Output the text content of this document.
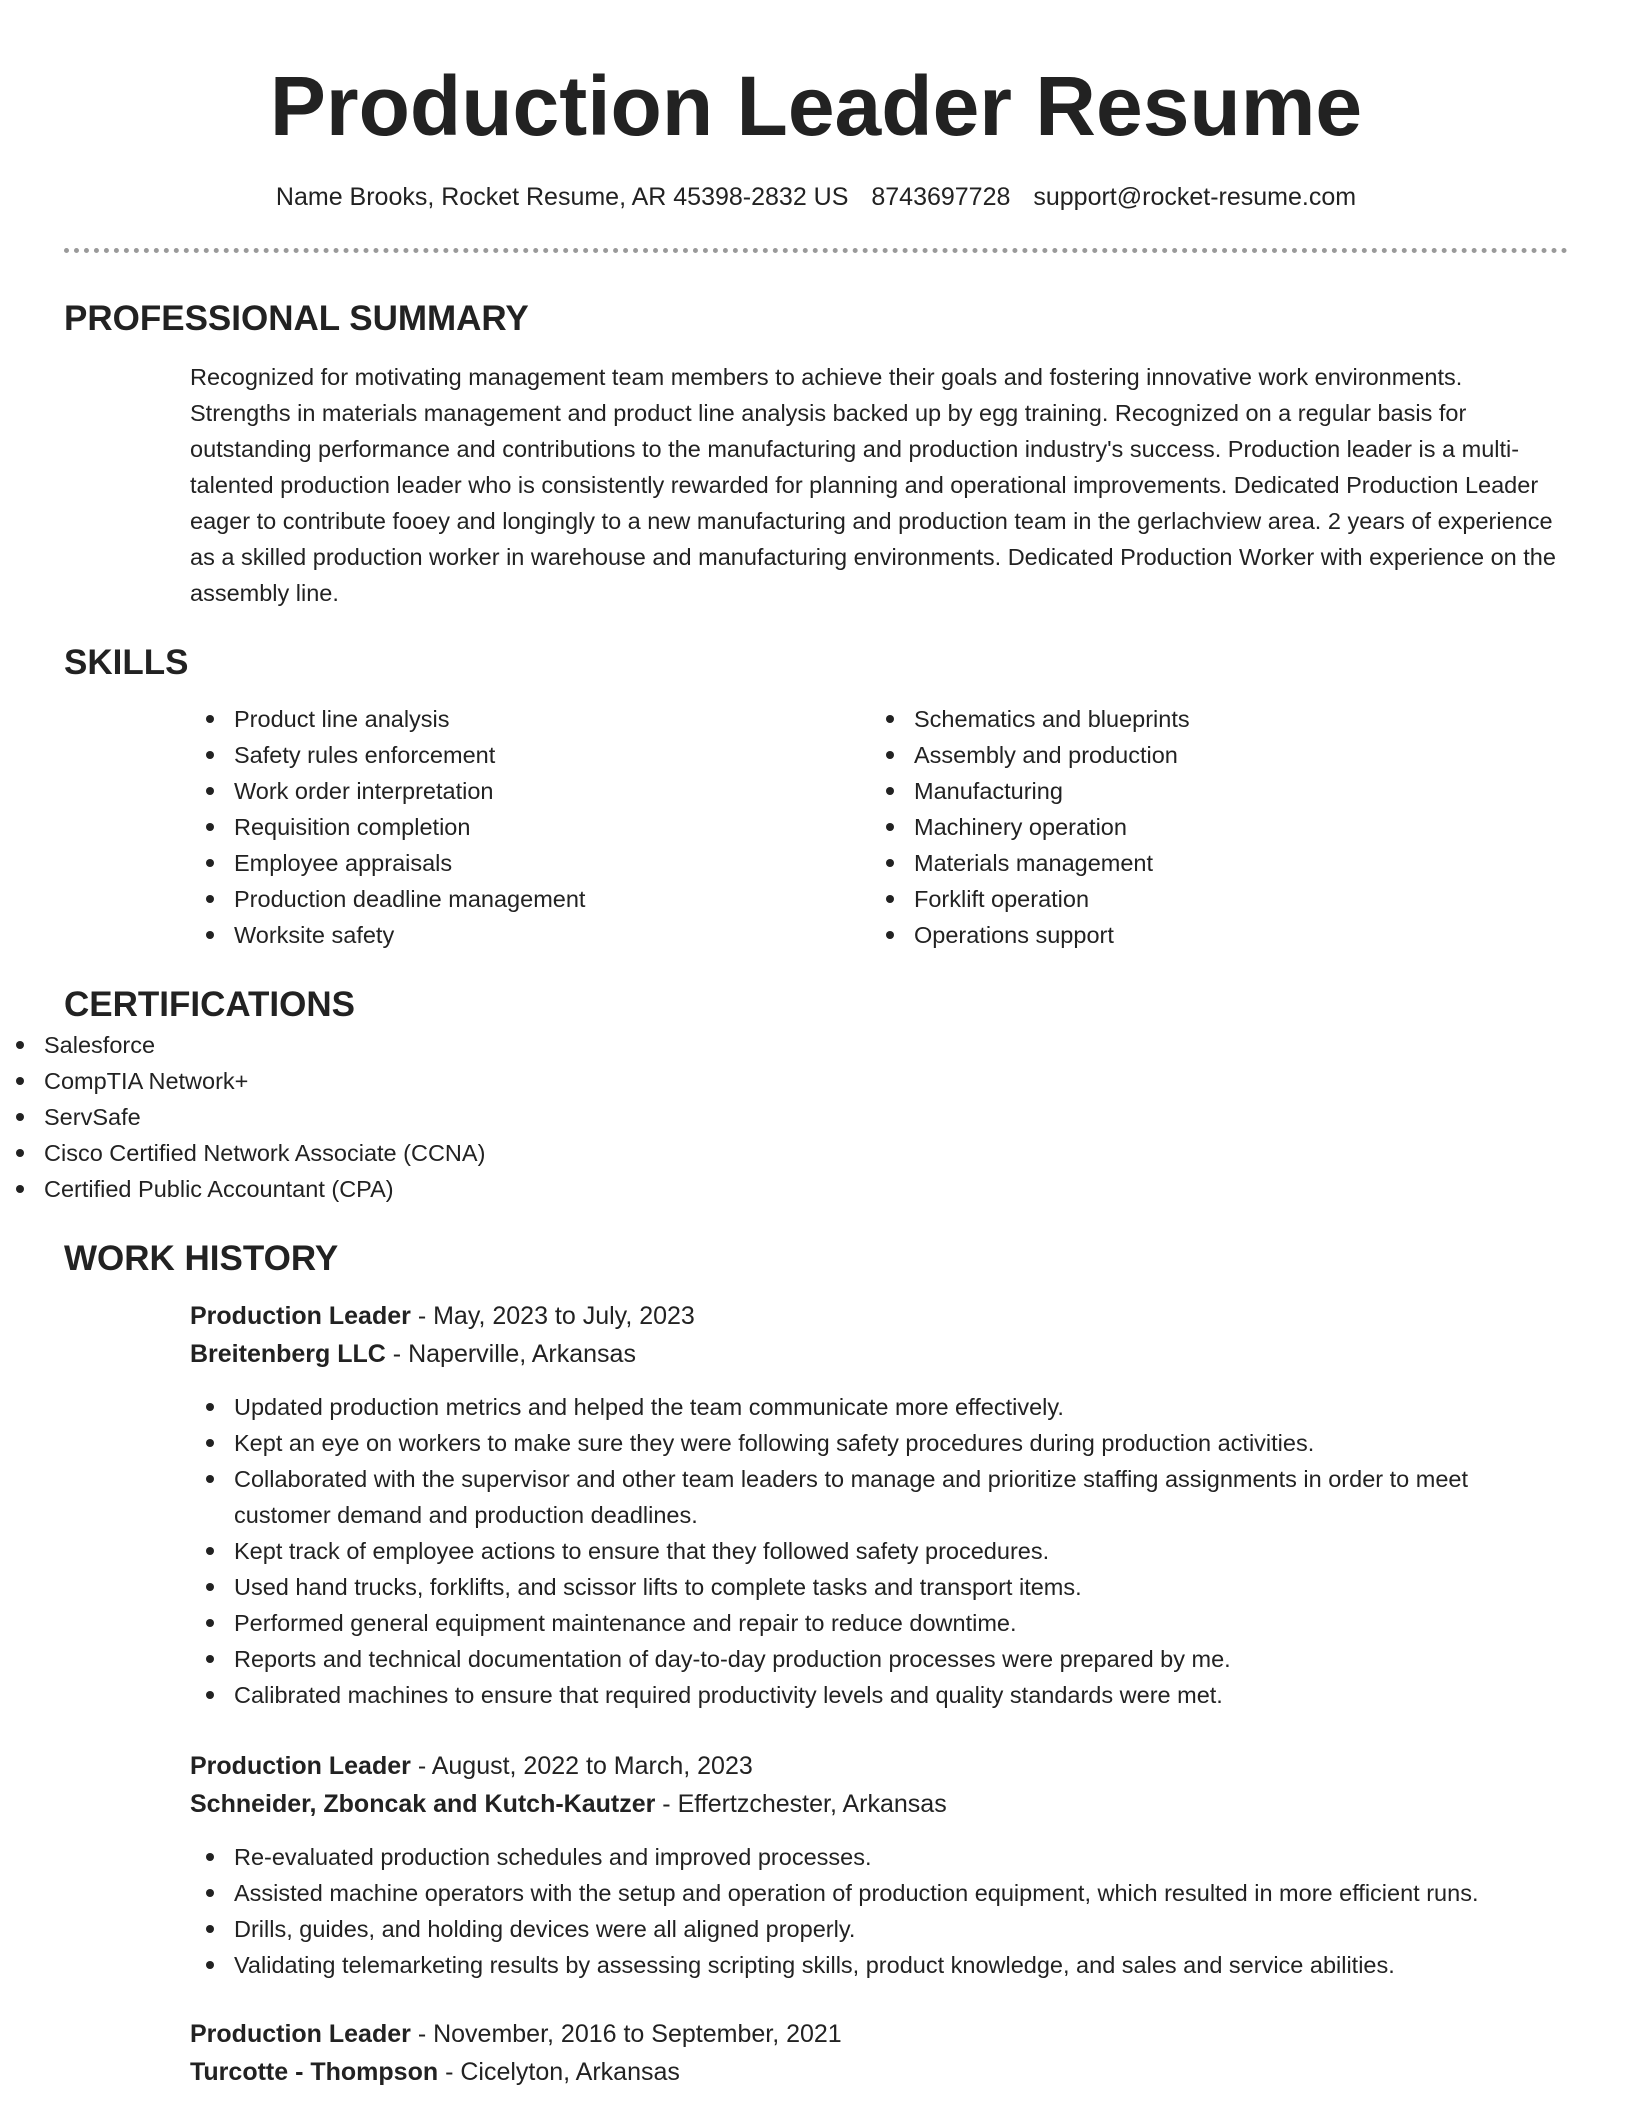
Production Leader Resume
Name Brooks, Rocket Resume, AR 45398-2832 US 8743697728 support@rocket-resume.com
PROFESSIONAL SUMMARY

Recognized for motivating management team members to achieve their goals and fostering innovative work environments. Strengths in materials management and product line analysis backed up by egg training. Recognized on a regular basis for outstanding performance and contributions to the manufacturing and production industry's success. Production leader is a multi-talented production leader who is consistently rewarded for planning and operational improvements. Dedicated Production Leader eager to contribute fooey and longingly to a new manufacturing and production team in the gerlachview area. 2 years of experience as a skilled production worker in warehouse and manufacturing environments. Dedicated Production Worker with experience on the assembly line.

SKILLS
Product line analysis
Safety rules enforcement
Work order interpretation
Requisition completion
Employee appraisals
Production deadline management
Worksite safety
Schematics and blueprints
Assembly and production
Manufacturing
Machinery operation
Materials management
Forklift operation
Operations support
CERTIFICATIONS
Salesforce
CompTIA Network+
ServSafe
Cisco Certified Network Associate (CCNA)
Certified Public Accountant (CPA)
WORK HISTORY
Production Leader - May, 2023 to July, 2023
Breitenberg LLC - Naperville, Arkansas
Updated production metrics and helped the team communicate more effectively.
Kept an eye on workers to make sure they were following safety procedures during production activities.
Collaborated with the supervisor and other team leaders to manage and prioritize staffing assignments in order to meet customer demand and production deadlines.
Kept track of employee actions to ensure that they followed safety procedures.
Used hand trucks, forklifts, and scissor lifts to complete tasks and transport items.
Performed general equipment maintenance and repair to reduce downtime.
Reports and technical documentation of day-to-day production processes were prepared by me.
Calibrated machines to ensure that required productivity levels and quality standards were met.
Production Leader - August, 2022 to March, 2023
Schneider, Zboncak and Kutch-Kautzer - Effertzchester, Arkansas
Re-evaluated production schedules and improved processes.
Assisted machine operators with the setup and operation of production equipment, which resulted in more efficient runs.
Drills, guides, and holding devices were all aligned properly.
Validating telemarketing results by assessing scripting skills, product knowledge, and sales and service abilities.
Production Leader - November, 2016 to September, 2021
Turcotte - Thompson - Cicelyton, Arkansas
